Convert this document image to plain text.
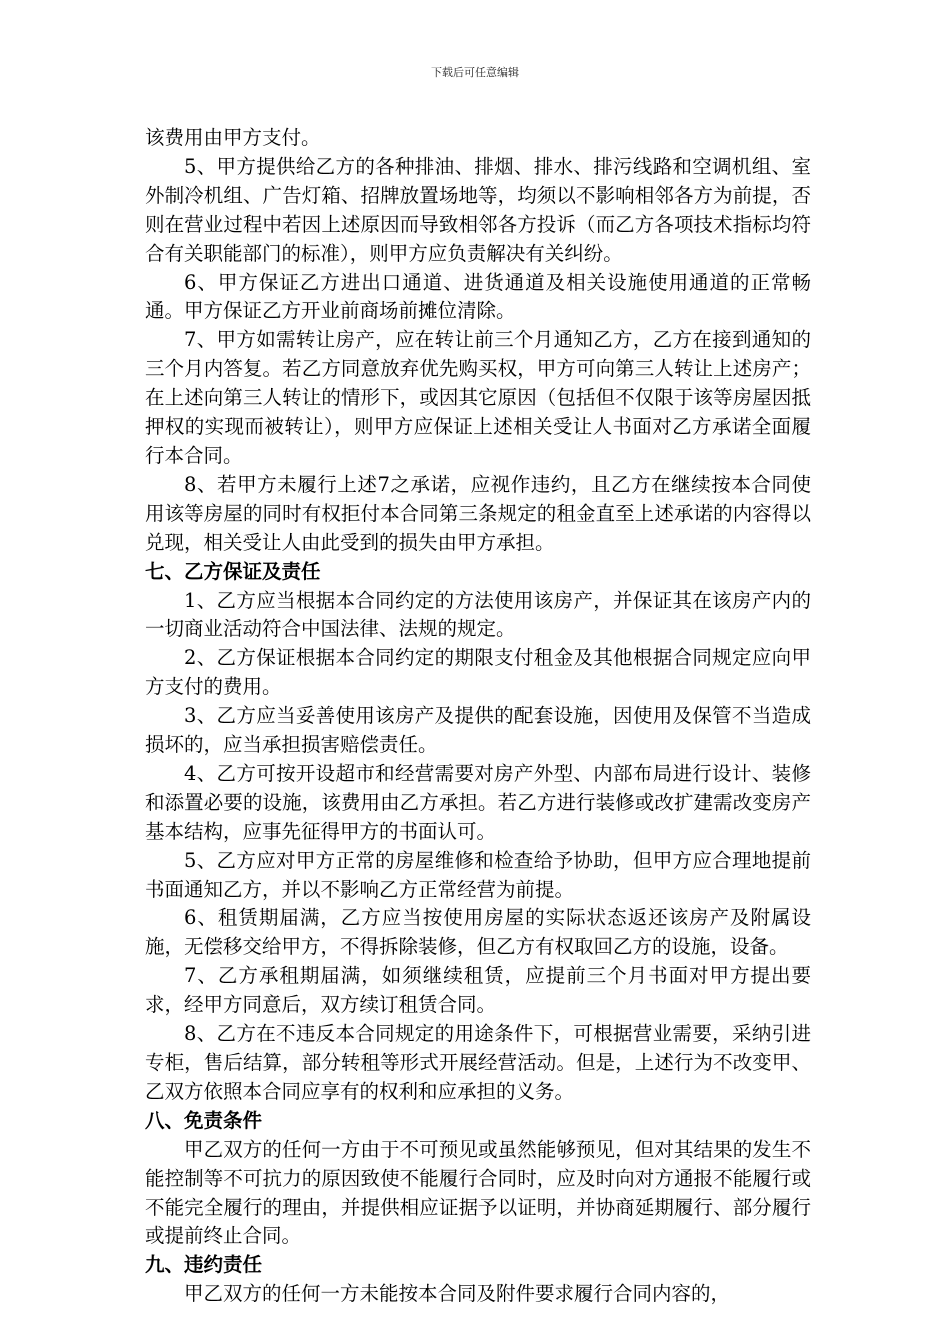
下载后可任意编辑

该费用由甲方支付。

5、甲方提供给乙方的各种排油、排烟、排水、排污线路和空调机组、室外制冷机组、广告灯箱、招牌放置场地等，均须以不影响相邻各方为前提，否则在营业过程中若因上述原因而导致相邻各方投诉（而乙方各项技术指标均符合有关职能部门的标准），则甲方应负责解决有关纠纷。

6、甲方保证乙方进出口通道、进货通道及相关设施使用通道的正常畅通。甲方保证乙方开业前商场前摊位清除。

7、甲方如需转让房产，应在转让前三个月通知乙方，乙方在接到通知的三个月内答复。若乙方同意放弃优先购买权，甲方可向第三人转让上述房产；在上述向第三人转让的情形下，或因其它原因（包括但不仅限于该等房屋因抵押权的实现而被转让），则甲方应保证上述相关受让人书面对乙方承诺全面履行本合同。

8、若甲方未履行上述7之承诺，应视作违约，且乙方在继续按本合同使用该等房屋的同时有权拒付本合同第三条规定的租金直至上述承诺的内容得以兑现，相关受让人由此受到的损失由甲方承担。

七、乙方保证及责任

1、乙方应当根据本合同约定的方法使用该房产，并保证其在该房产内的一切商业活动符合中国法律、法规的规定。

2、乙方保证根据本合同约定的期限支付租金及其他根据合同规定应向甲方支付的费用。

3、乙方应当妥善使用该房产及提供的配套设施，因使用及保管不当造成损坏的，应当承担损害赔偿责任。

4、乙方可按开设超市和经营需要对房产外型、内部布局进行设计、装修和添置必要的设施，该费用由乙方承担。若乙方进行装修或改扩建需改变房产基本结构，应事先征得甲方的书面认可。

5、乙方应对甲方正常的房屋维修和检查给予协助，但甲方应合理地提前书面通知乙方，并以不影响乙方正常经营为前提。

6、租赁期届满，乙方应当按使用房屋的实际状态返还该房产及附属设施，无偿移交给甲方，不得拆除装修，但乙方有权取回乙方的设施，设备。

7、乙方承租期届满，如须继续租赁，应提前三个月书面对甲方提出要求，经甲方同意后，双方续订租赁合同。

8、乙方在不违反本合同规定的用途条件下，可根据营业需要，采纳引进专柜，售后结算，部分转租等形式开展经营活动。但是，上述行为不改变甲、乙双方依照本合同应享有的权利和应承担的义务。

八、免责条件

甲乙双方的任何一方由于不可预见或虽然能够预见，但对其结果的发生不能控制等不可抗力的原因致使不能履行合同时，应及时向对方通报不能履行或不能完全履行的理由，并提供相应证据予以证明，并协商延期履行、部分履行或提前终止合同。

九、违约责任

甲乙双方的任何一方未能按本合同及附件要求履行合同内容的，
